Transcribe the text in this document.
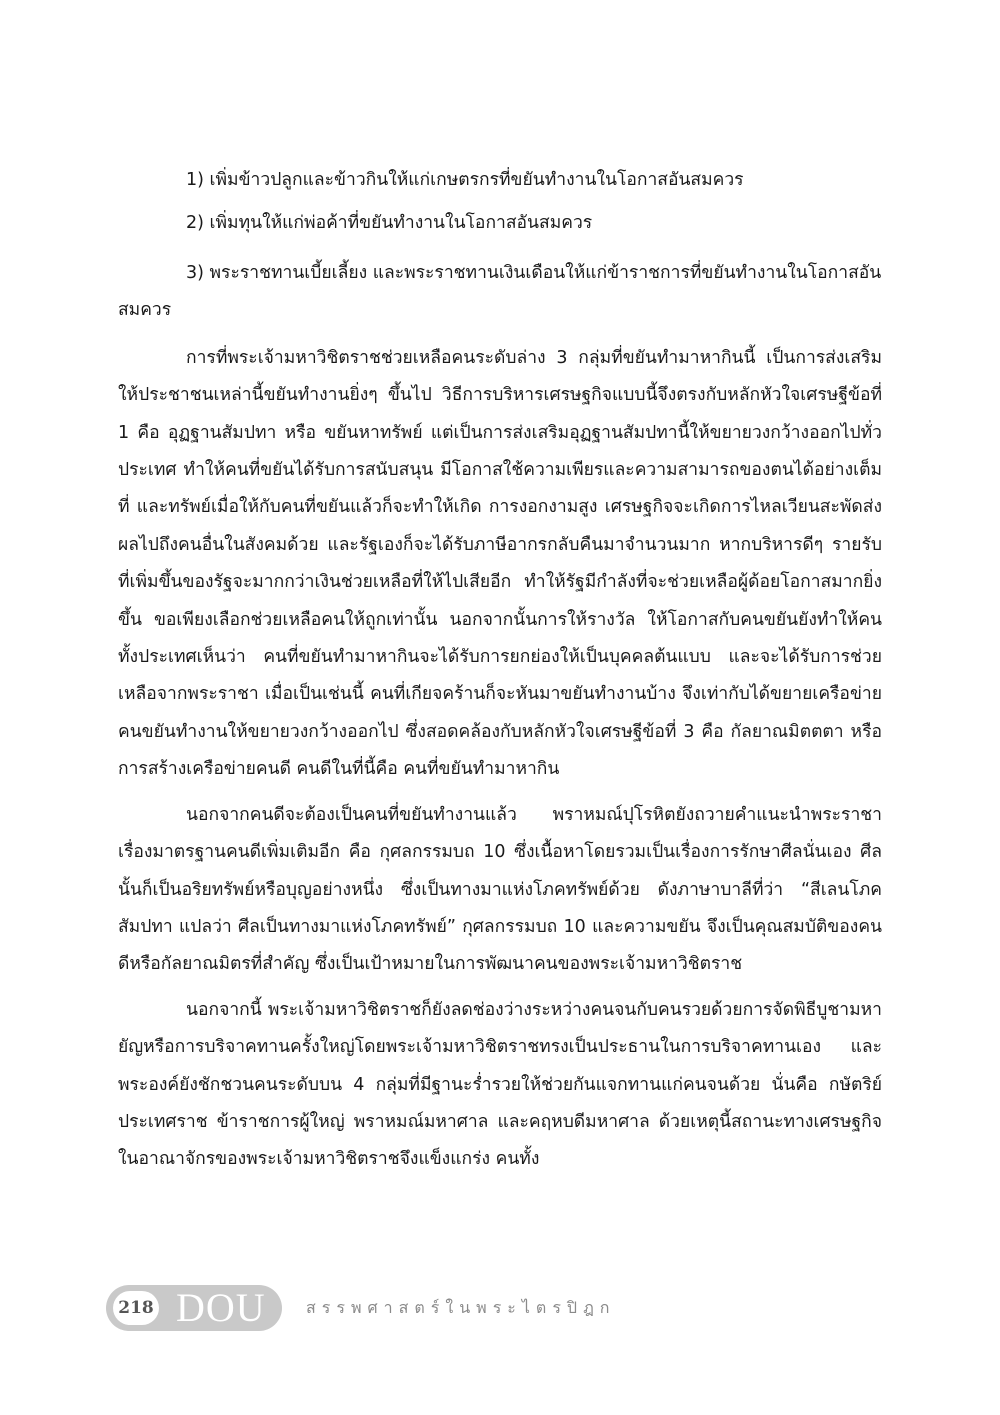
1) เพิ่มข้าวปลูกและข้าวกินให้แก่เกษตรกรที่ขยันทำงานในโอกาสอันสมควร

2) เพิ่มทุนให้แก่พ่อค้าที่ขยันทำงานในโอกาสอันสมควร

3) พระราชทานเบี้ยเลี้ยง และพระราชทานเงินเดือนให้แก่ข้าราชการที่ขยันทำงานในโอกาสอันสมควร

การที่พระเจ้ามหาวิชิตราชช่วยเหลือคนระดับล่าง 3 กลุ่มที่ขยันทำมาหากินนี้ เป็นการส่งเสริมให้ประชาชนเหล่านี้ขยันทำงานยิ่งๆ ขึ้นไป วิธีการบริหารเศรษฐกิจแบบนี้จึงตรงกับหลักหัวใจเศรษฐีข้อที่ 1 คือ อุฏฐานสัมปทา หรือ ขยันหาทรัพย์ แต่เป็นการส่งเสริมอุฏฐานสัมปทานี้ให้ขยายวงกว้างออกไปทั่วประเทศ ทำให้คนที่ขยันได้รับการสนับสนุน มีโอกาสใช้ความเพียรและความสามารถของตนได้อย่างเต็มที่ และทรัพย์เมื่อให้กับคนที่ขยันแล้วก็จะทำให้เกิด การงอกงามสูง เศรษฐกิจจะเกิดการไหลเวียนสะพัดส่งผลไปถึงคนอื่นในสังคมด้วย และรัฐเองก็จะได้รับภาษีอากรกลับคืนมาจำนวนมาก หากบริหารดีๆ รายรับที่เพิ่มขึ้นของรัฐจะมากกว่าเงินช่วยเหลือที่ให้ไปเสียอีก ทำให้รัฐมีกำลังที่จะช่วยเหลือผู้ด้อยโอกาสมากยิ่งขึ้น ขอเพียงเลือกช่วยเหลือคนให้ถูกเท่านั้น นอกจากนั้นการให้รางวัล ให้โอกาสกับคนขยันยังทำให้คนทั้งประเทศเห็นว่า คนที่ขยันทำมาหากินจะได้รับการยกย่องให้เป็นบุคคลต้นแบบ และจะได้รับการช่วยเหลือจากพระราชา เมื่อเป็นเช่นนี้ คนที่เกียจคร้านก็จะหันมาขยันทำงานบ้าง จึงเท่ากับได้ขยายเครือข่ายคนขยันทำงานให้ขยายวงกว้างออกไป ซึ่งสอดคล้องกับหลักหัวใจเศรษฐีข้อที่ 3 คือ กัลยาณมิตตตา หรือ การสร้างเครือข่ายคนดี คนดีในที่นี้คือ คนที่ขยันทำมาหากิน

นอกจากคนดีจะต้องเป็นคนที่ขยันทำงานแล้ว พราหมณ์ปุโรหิตยังถวายคำแนะนำพระราชาเรื่องมาตรฐานคนดีเพิ่มเติมอีก คือ กุศลกรรมบถ 10 ซึ่งเนื้อหาโดยรวมเป็นเรื่องการรักษาศีลนั่นเอง ศีลนั้นก็เป็นอริยทรัพย์หรือบุญอย่างหนึ่ง ซึ่งเป็นทางมาแห่งโภคทรัพย์ด้วย ดังภาษาบาลีที่ว่า “สีเลนโภคสัมปทา แปลว่า ศีลเป็นทางมาแห่งโภคทรัพย์” กุศลกรรมบถ 10 และความขยัน จึงเป็นคุณสมบัติของคนดีหรือกัลยาณมิตรที่สำคัญ ซึ่งเป็นเป้าหมายในการพัฒนาคนของพระเจ้ามหาวิชิตราช

นอกจากนี้ พระเจ้ามหาวิชิตราชก็ยังลดช่องว่างระหว่างคนจนกับคนรวยด้วยการจัดพิธีบูชามหายัญหรือการบริจาคทานครั้งใหญ่โดยพระเจ้ามหาวิชิตราชทรงเป็นประธานในการบริจาคทานเอง และพระองค์ยังชักชวนคนระดับบน 4 กลุ่มที่มีฐานะร่ำรวยให้ช่วยกันแจกทานแก่คนจนด้วย นั่นคือ กษัตริย์ประเทศราช ข้าราชการผู้ใหญ่ พราหมณ์มหาศาล และคฤหบดีมหาศาล ด้วยเหตุนี้สถานะทางเศรษฐกิจในอาณาจักรของพระเจ้ามหาวิชิตราชจึงแข็งแกร่ง คนทั้ง

218 DOU	สรรพศาสตร์ในพระไตรปิฎก
